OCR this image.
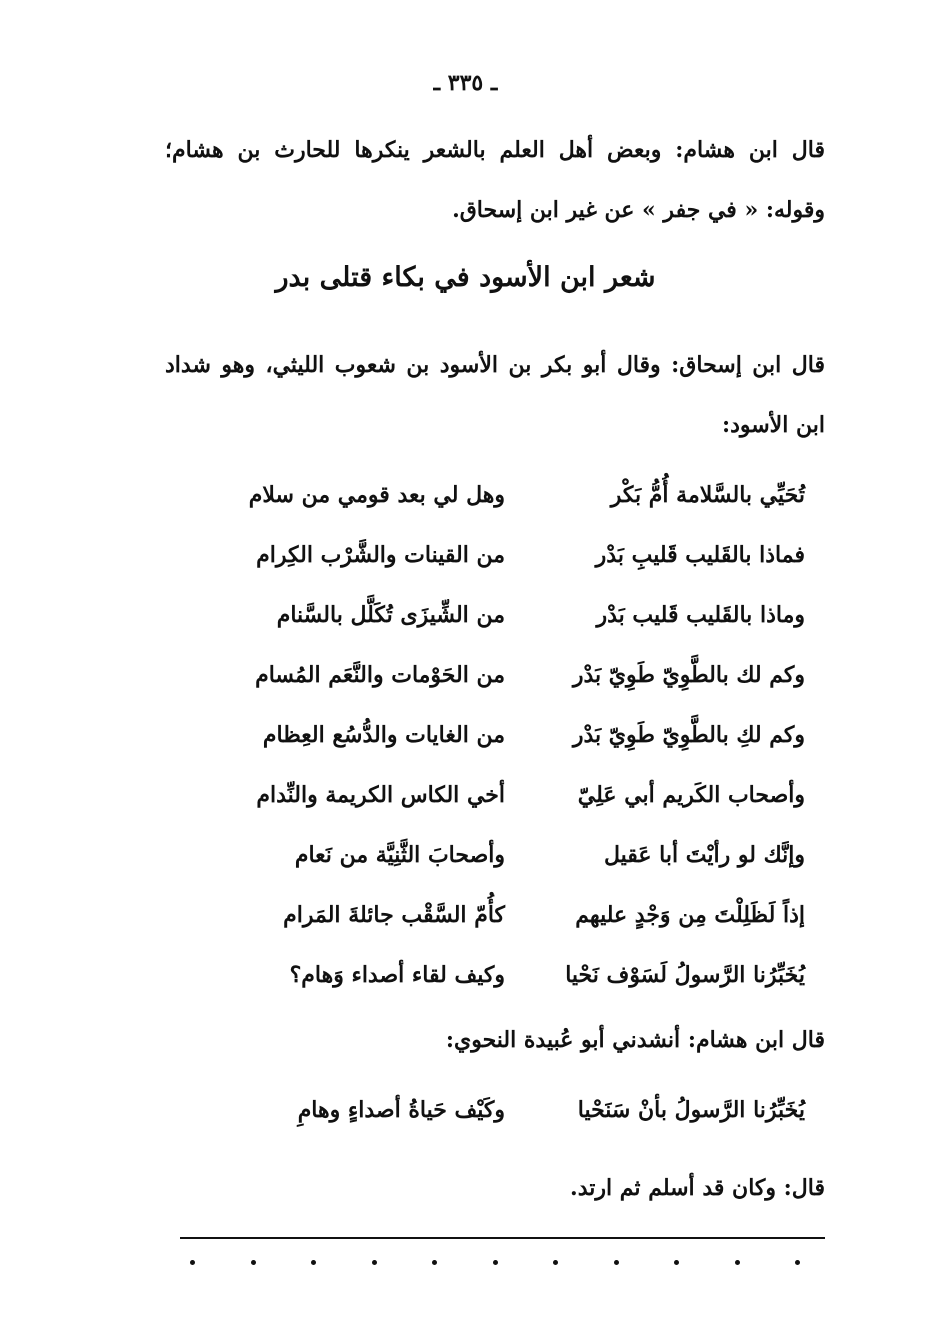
ـ ٣٣٥ ـ
قال ابن هشام: وبعض أهل العلم بالشعر ينكرها للحارث بن هشام؛ وقوله: « في جفر » عن غير ابن إسحاق.
شعر ابن الأسود في بكاء قتلى بدر
قال ابن إسحاق: وقال أبو بكر بن الأسود بن شعوب الليثي، وهو شداد ابن الأسود:
تُحَيِّي بالسَّلامة أُمُّ بَكْر
وهل لي بعد قومي من سلام
فماذا بالقَليب قَليبِ بَدْر
من القينات والشَّرْب الكِرام
وماذا بالقَليب قَليب بَدْر
من الشِّيزَى تُكَلَّل بالسَّنام
وكم لك بالطَّوِيّ طَوِيّ بَدْر
من الحَوْمات والنَّعَم المُسام
وكم لكِ بالطَّوِيّ طَوِيّ بَدْر
من الغايات والدُّسُع العِظام
وأصحاب الكَريم أبي عَلِيّ
أخي الكاس الكريمة والنِّدام
وإنَّك لو رأيْتَ أبا عَقيل
وأصحابَ الثَّنِيَّة من نَعام
إذاً لَظَلِلْتَ مِن وَجْدٍ عليهم
كأُمّ السَّقْب جائلةَ المَرام
يُخَبِّرُنا الرَّسولُ لَسَوْف نَحْيا
وكيف لقاء أصداء وَهام؟
قال ابن هشام: أنشدني أبو عُبيدة النحوي:
يُخَبِّرُنا الرَّسولُ بأنْ سَنَحْيا
وكَيْف حَياةُ أصداءٍ وهامِ
قال: وكان قد أسلم ثم ارتد.
